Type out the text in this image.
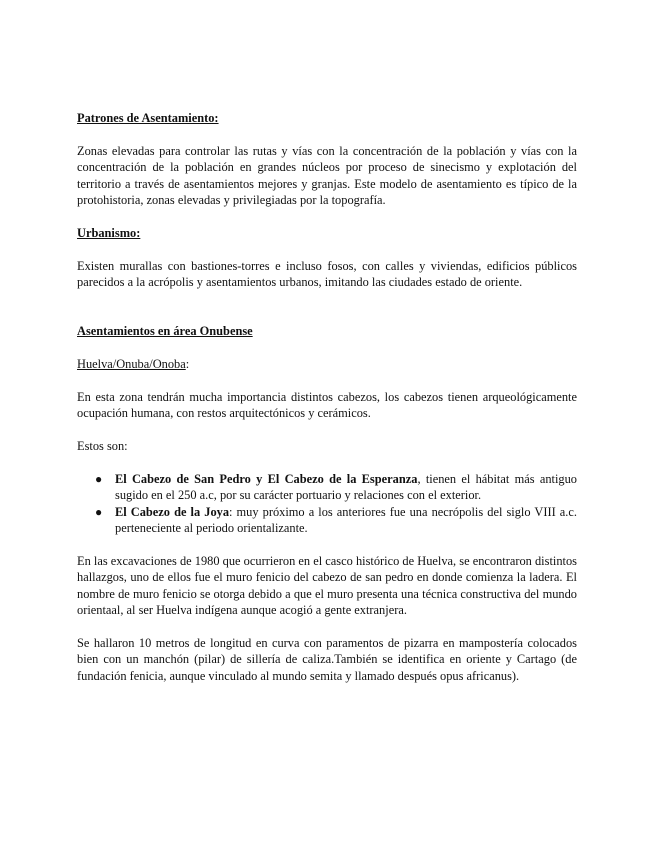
Patrones de Asentamiento:

Zonas elevadas para controlar las rutas y vías con la concentración de la población y vías con la concentración de la población en grandes núcleos por proceso de sinecismo y explotación del territorio a través de asentamientos mejores y granjas. Este modelo de asentamiento es típico de la protohistoria, zonas elevadas y privilegiadas por la topografía.

Urbanismo:

Existen murallas con bastiones-torres e incluso fosos, con calles y viviendas, edificios públicos parecidos a la acrópolis y asentamientos urbanos, imitando las ciudades estado de oriente.

Asentamientos en área Onubense

Huelva/Onuba/Onoba:

En esta zona tendrán mucha importancia distintos cabezos, los cabezos tienen arqueológicamente ocupación humana, con restos arquitectónicos y cerámicos.

Estos son:

● El Cabezo de San Pedro y El Cabezo de la Esperanza, tienen el hábitat más antiguo sugido en el 250 a.c, por su carácter portuario y relaciones con el exterior.
● El Cabezo de la Joya: muy próximo a los anteriores fue una necrópolis del siglo VIII a.c. perteneciente al periodo orientalizante.

En las excavaciones de 1980 que ocurrieron en el casco histórico de Huelva, se encontraron distintos hallazgos, uno de ellos fue el muro fenicio del cabezo de san pedro en donde comienza la ladera. El nombre de muro fenicio se otorga debido a que el muro presenta una técnica constructiva del mundo orientaal, al ser Huelva indígena aunque acogió a gente extranjera.

Se hallaron 10 metros de longitud en curva con paramentos de pizarra en mampostería colocados bien con un manchón (pilar) de sillería de caliza.También se identifica en oriente y Cartago (de fundación fenicia, aunque vinculado al mundo semita y llamado después opus africanus).
